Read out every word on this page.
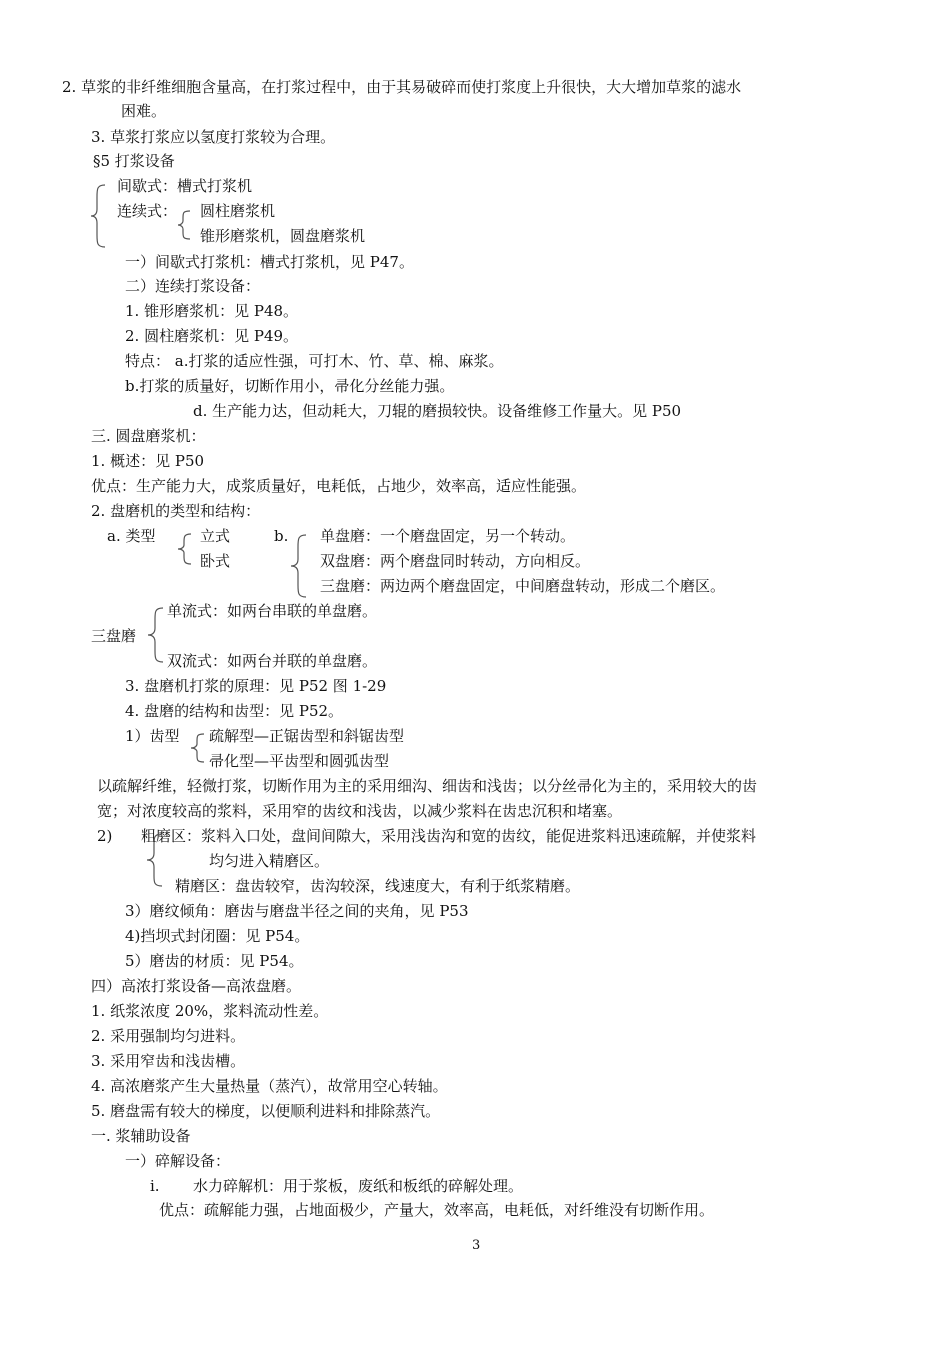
2. 草浆的非纤维细胞含量高，在打浆过程中，由于其易破碎而使打浆度上升很快，大大增加草浆的滤水
困难。
3. 草浆打浆应以氢度打浆较为合理。
§5 打浆设备
间歇式：槽式打浆机
连续式： 圆柱磨浆机
锥形磨浆机，圆盘磨浆机
一）间歇式打浆机：槽式打浆机，见 P47。
二）连续打浆设备：
1. 锥形磨浆机：见 P48。
2. 圆柱磨浆机：见 P49。
特点： a.打浆的适应性强，可打木、竹、草、棉、麻浆。
b.打浆的质量好，切断作用小，帚化分丝能力强。
d. 生产能力达，但动耗大，刀辊的磨损较快。设备维修工作量大。见 P50
三. 圆盘磨浆机：
1. 概述：见 P50
优点：生产能力大，成浆质量好，电耗低，占地少，效率高，适应性能强。
2. 盘磨机的类型和结构：
a. 类型	立式
卧式
b. 单盘磨：一个磨盘固定，另一个转动。
双盘磨：两个磨盘同时转动，方向相反。
三盘磨：两边两个磨盘固定，中间磨盘转动，形成二个磨区。
单流式：如两台串联的单盘磨。
三盘磨
双流式：如两台并联的单盘磨。
3. 盘磨机打浆的原理：见 P52 图 1-29
4. 盘磨的结构和齿型：见 P52。
1）齿型 疏解型—正锯齿型和斜锯齿型
帚化型—平齿型和圆弧齿型
以疏解纤维，轻微打浆，切断作用为主的采用细沟、细齿和浅齿；以分丝帚化为主的，采用较大的齿
宽；对浓度较高的浆料，采用窄的齿纹和浅齿，以减少浆料在齿忠沉积和堵塞。
2) 粗磨区：浆料入口处，盘间间隙大，采用浅齿沟和宽的齿纹，能促进浆料迅速疏解，并使浆料
均匀进入精磨区。
精磨区：盘齿较窄，齿沟较深，线速度大，有利于纸浆精磨。
3）磨纹倾角：磨齿与磨盘半径之间的夹角，见 P53
4)挡坝式封闭圈：见 P54。
5）磨齿的材质：见 P54。
四）高浓打浆设备—高浓盘磨。
1. 纸浆浓度 20%，浆料流动性差。
2. 采用强制均匀进料。
3. 采用窄齿和浅齿槽。
4. 高浓磨浆产生大量热量（蒸汽），故常用空心转轴。
5. 磨盘需有较大的梯度，以便顺利进料和排除蒸汽。
一. 浆辅助设备
一）碎解设备：
i. 水力碎解机：用于浆板，废纸和板纸的碎解处理。
优点：疏解能力强，占地面极少，产量大，效率高，电耗低，对纤维没有切断作用。
3
